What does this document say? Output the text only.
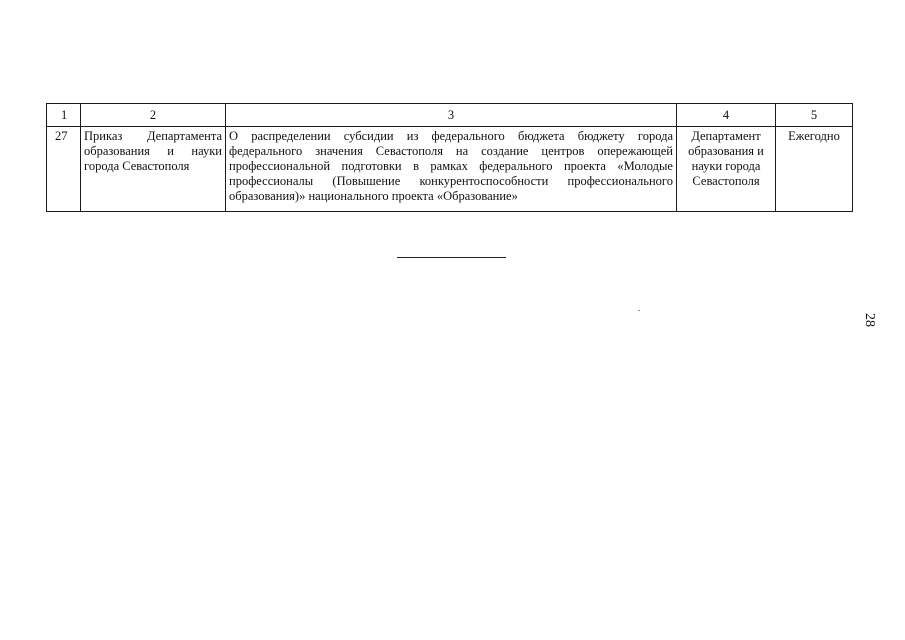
1	2	3	4	5
27	Приказ Департамента образования и науки города Севастополя	О распределении субсидии из федерального бюджета бюджету города федерального значения Севастополя на создание центров опережающей профессиональной подготовки в рамках федерального проекта «Молодые профессионалы (Повышение конкурентоспособности профессионального образования)» национального проекта «Образование»	Департамент образования и науки города Севастополя	Ежегодно
28
